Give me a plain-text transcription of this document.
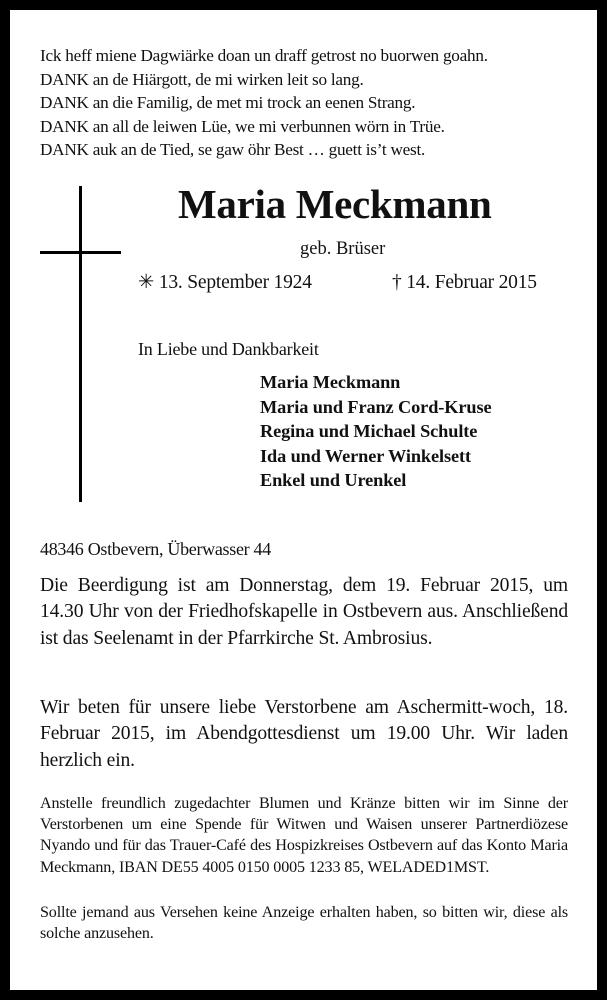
Ick heff miene Dagwiärke doan un draff getrost no buorwen goahn.
DANK an de Hiärgott, de mi wirken leit so lang.
DANK an die Familig, de met mi trock an eenen Strang.
DANK an all de leiwen Lüe, we mi verbunnen wörn in Trüe.
DANK auk an de Tied, se gaw öhr Best … guett is’t west.
Maria Meckmann
geb. Brüser
✳ 13. September 1924	† 14. Februar 2015
In Liebe und Dankbarkeit
Maria Meckmann
Maria und Franz Cord-Kruse
Regina und Michael Schulte
Ida und Werner Winkelsett
Enkel und Urenkel
48346 Ostbevern, Überwasser 44
Die Beerdigung ist am Donnerstag, dem 19. Februar 2015, um 14.30 Uhr von der Friedhofskapelle in Ostbevern aus. Anschließend ist das Seelenamt in der Pfarrkirche St. Ambrosius.
Wir beten für unsere liebe Verstorbene am Aschermitt-woch, 18. Februar 2015, im Abendgottesdienst um 19.00 Uhr. Wir laden herzlich ein.
Anstelle freundlich zugedachter Blumen und Kränze bitten wir im Sinne der Verstorbenen um eine Spende für Witwen und Waisen unserer Partnerdiözese Nyando und für das Trauer-Café des Hospizkreises Ostbevern auf das Konto Maria Meckmann, IBAN DE55 4005 0150 0005 1233 85, WELADED1MST.
Sollte jemand aus Versehen keine Anzeige erhalten haben, so bitten wir, diese als solche anzusehen.
